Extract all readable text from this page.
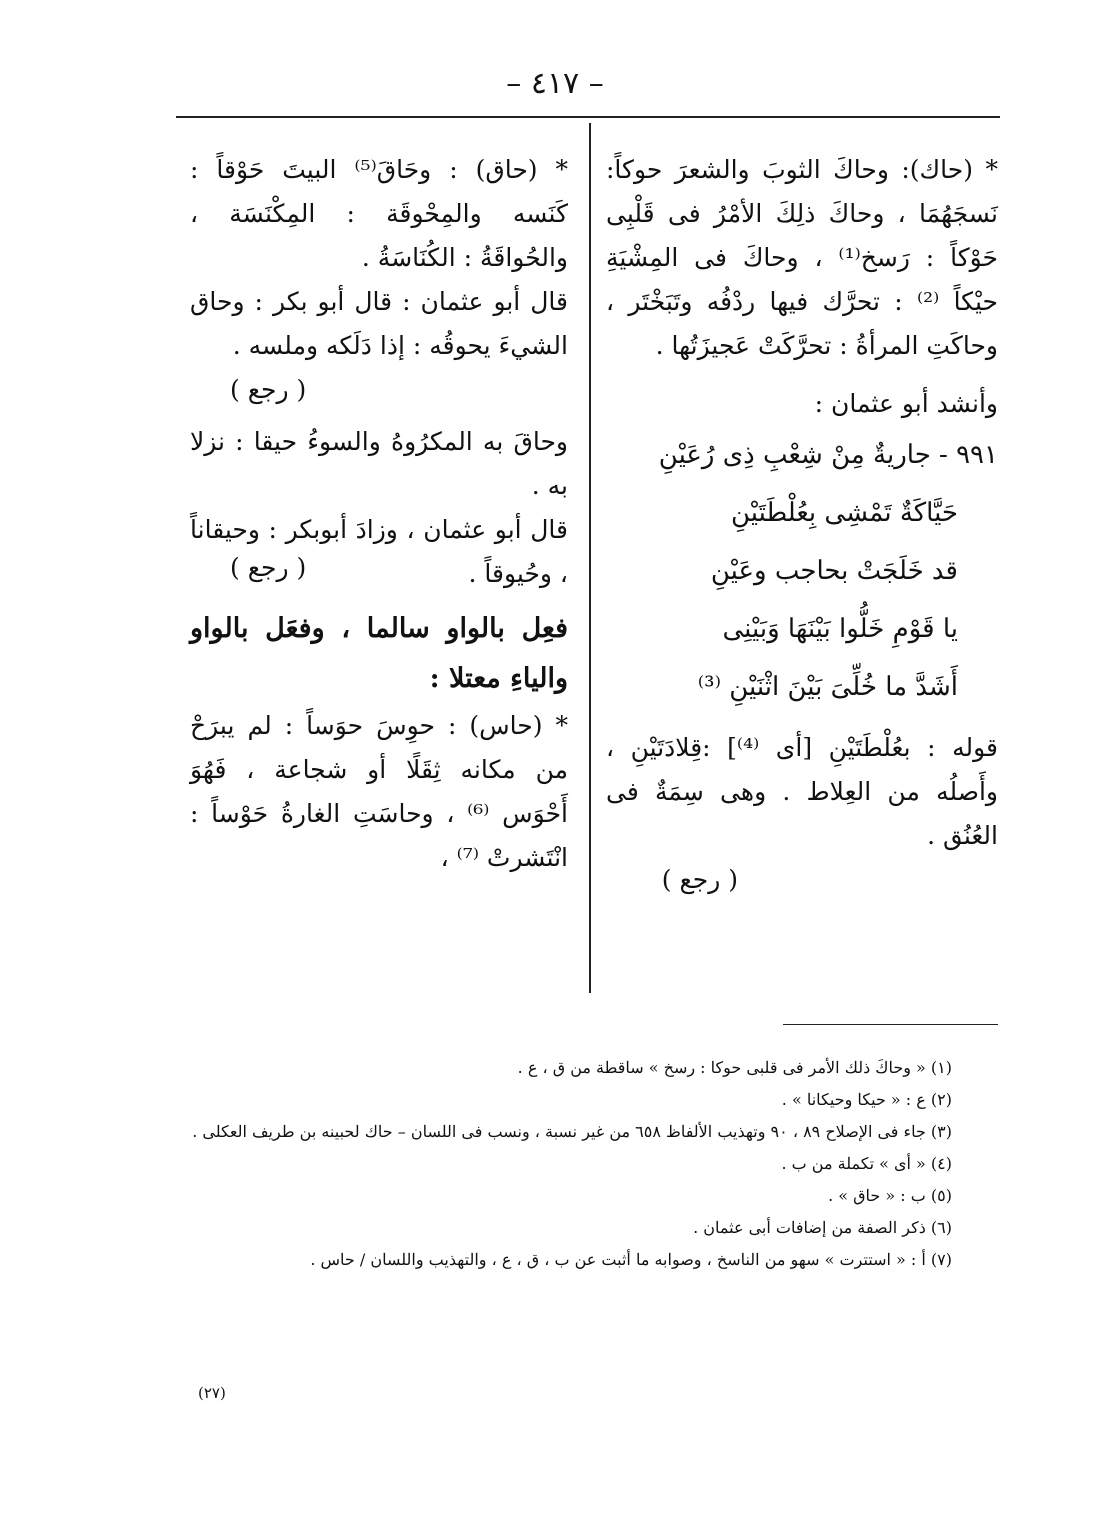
– ٤١٧ –

* (حاك): وحاكَ الثوبَ والشعرَ حوكاً: نَسجَهُمَا ، وحاكَ ذلِكَ الأمْرُ فى قَلْبِى حَوْكاً : رَسخ⁽¹⁾ ، وحاكَ فى المِشْيَةِ حيْكاً ⁽²⁾ : تحرَّك فيها ردْفُه وتَبَخْتَر ، وحاكَتِ المرأةُ : تحرَّكَتْ عَجيزَتُها .

وأنشد أبو عثمان :

٩٩١ - جاريةٌ مِنْ شِعْبِ ذِى رُعَيْنِ
حَيَّاكَةٌ تَمْشِى بِعُلْطَتَيْنِ
قد خَلَجَتْ بحاجب وعَيْنِ
يا قَوْمِ خَلُّوا بَيْنَهَا وَبَيْنِى
أَشَدَّ ما خُلِّىَ بَيْنَ اثْنَيْنِ ⁽³⁾

قوله : بعُلْطَتَيْنِ [أى ⁽⁴⁾] :قِلادَتَيْنِ ، وأَصلُه من العِلاط . وهى سِمَةٌ فى العُنُق .

( رجع )

* (حاق) : وحَاقَ⁽⁵⁾ البيتَ حَوْقاً : كَنَسه والمِحْوقَة : المِكْنَسَة ، والحُواقَةُ : الكُنَاسَةُ .

قال أبو عثمان : قال أبو بكر : وحاق الشيءَ يحوقُه : إذا دَلَكه وملسه .

( رجع )

وحاقَ به المكرُوهُ والسوءُ حيقا : نزلا به .

قال أبو عثمان ، وزادَ أبوبكر : وحيقاناً ، وحُيوقاً .

( رجع )

فعِل بالواو سالما ، وفعَل بالواو والياءِ معتلا :

* (حاس) : حوِسَ حوَساً : لم يبرَحْ من مكانه ثِقَلًا أو شجاعة ، فَهُوَ أَحْوَس ⁽⁶⁾ ، وحاسَتِ الغارةُ حَوْساً : انْتَشرتْ ⁽⁷⁾ ،

(١) « وحاكَ ذلك الأمر فى قلبى حوكا : رسخ » ساقطة من ق ، ع .
(٢) ع : « حيكا وحيكانا » .
(٣) جاء فى الإصلاح ٨٩ ، ٩٠ وتهذيب الألفاظ ٦٥٨ من غير نسبة ، ونسب فى اللسان – حاك لحبينه بن طريف العكلى .
(٤) « أى » تكملة من ب .
(٥) ب : « حاق » .
(٦) ذكر الصفة من إضافات أبى عثمان .
(٧) أ : « استترت » سهو من الناسخ ، وصوابه ما أثبت عن ب ، ق ، ع ، والتهذيب واللسان / حاس .
(٢٧)
